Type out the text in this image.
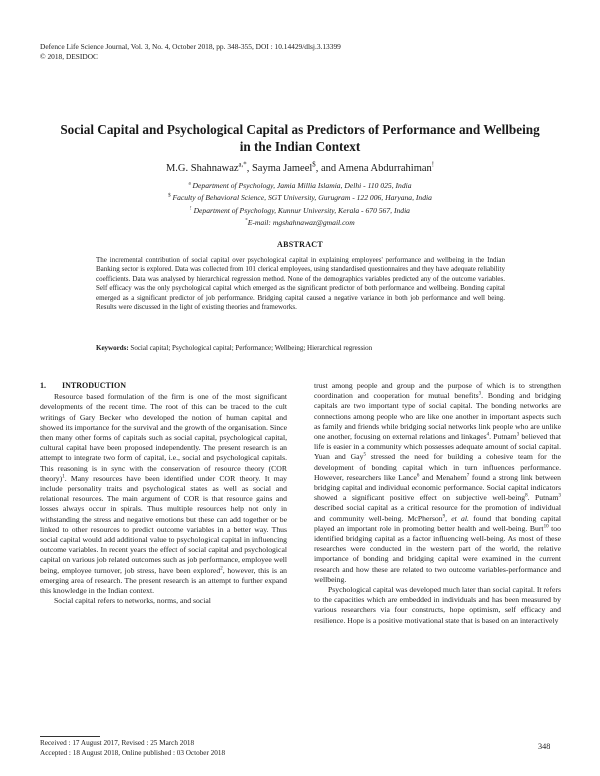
Defence Life Science Journal, Vol. 3, No. 4, October 2018, pp. 348-355, DOI : 10.14429/dlsj.3.13399
© 2018, DESIDOC
Social Capital and Psychological Capital as Predictors of Performance and Wellbeing in the Indian Context
M.G. Shahnawaz$^{a,*}$, Sayma Jameel$, and Amena Abdurrahiman!
$^a$ Department of Psychology, Jamia Millia Islamia, Delhi - 110 025, India
$ Faculty of Behavioral Science, SGT University, Gurugram - 122 006, Haryana, India
! Department of Psychology, Kunnur University, Kerala - 670 567, India
*E-mail: mgshahnawaz@gmail.com
ABSTRACT
The incremental contribution of social capital over psychological capital in explaining employees' performance and wellbeing in the Indian Banking sector is explored. Data was collected from 101 clerical employees, using standardised questionnaires and they have adequate reliability coefficients. Data was analysed by hierarchical regression method. None of the demographics variables predicted any of the outcome variables. Self efficacy was the only psychological capital which emerged as the significant predictor of both performance and wellbeing. Bonding capital emerged as a significant predictor of job performance. Bridging capital caused a negative variance in both job performance and well being. Results were discussed in the light of existing theories and frameworks.
Keywords: Social capital; Psychological capital; Performance; Wellbeing; Hierarchical regression
1. INTRODUCTION

Resource based formulation of the firm is one of the most significant developments of the recent time. The root of this can be traced to the cult writings of Gary Becker who developed the notion of human capital and showed its importance for the survival and the growth of the organisation. Since then many other forms of capitals such as social capital, psychological capital, cultural capital have been proposed independently. The present research is an attempt to integrate two form of capital, i.e., social and psychological capitals. This reasoning is in sync with the conservation of resource theory (COR theory)$^1$. Many resources have been identified under COR theory. It may include personality traits and psychological states as well as social and relational resources. The main argument of COR is that resource gains and losses always occur in spirals. Thus multiple resources help not only in withstanding the stress and negative emotions but these can add together or be linked to other resources to predict outcome variables in a better way. Thus social capital would add additional value to psychological capital in influencing outcome variables. In recent years the effect of social capital and psychological capital on various job related outcomes such as job performance, employee well being, employee turnover, job stress, have been explored$^2$, however, this is an emerging area of research. The present research is an attempt to further expand this knowledge in the Indian context.

Social capital refers to networks, norms, and social

trust among people and group and the purpose of which is to strengthen coordination and cooperation for mutual benefits$^3$. Bonding and bridging capitals are two important type of social capital. The bonding networks are connections among people who are like one another in important aspects such as family and friends while bridging social networks link people who are unlike one another, focusing on external relations and linkages$^4$. Putnam$^3$ believed that life is easier in a community which possesses adequate amount of social capital. Yuan and Gay$^5$ stressed the need for building a cohesive team for the development of bonding capital which in turn influences performance. However, researchers like Lance$^6$ and Menahem$^7$ found a strong link between bridging capital and individual economic performance. Social capital indicators showed a significant positive effect on subjective well-being$^8$. Putnam$^3$ described social capital as a critical resource for the promotion of individual and community well-being. McPherson$^9$, et al. found that bonding capital played an important role in promoting better health and well-being. Burt$^{10}$ too identified bridging capital as a factor influencing well-being. As most of these researches were conducted in the western part of the world, the relative importance of bonding and bridging capital were examined in the current research and how these are related to two outcome variables-performance and wellbeing.

Psychological capital was developed much later than social capital. It refers to the capacities which are embedded in individuals and has been measured by various researchers via four constructs, hope optimism, self efficacy and resilience. Hope is a positive motivational state that is based on an interactively

Received : 17 August 2017, Revised : 25 March 2018
Accepted : 18 August 2018, Online published : 03 October 2018
348
